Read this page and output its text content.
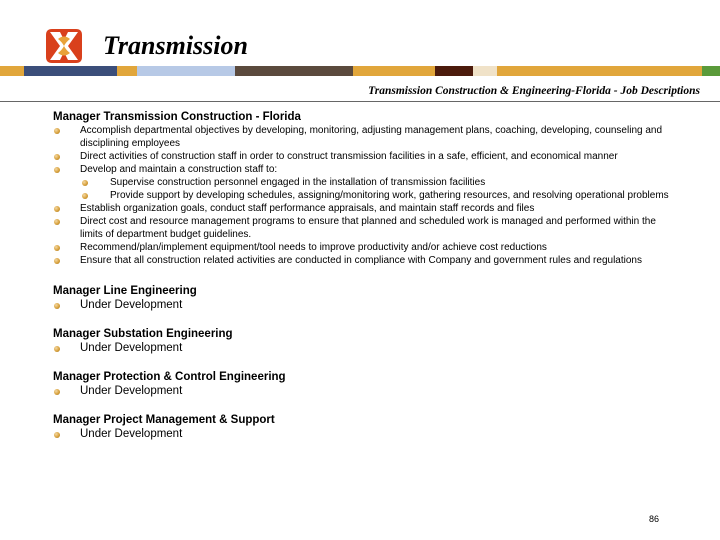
Transmission
Transmission Construction & Engineering-Florida - Job Descriptions

Manager Transmission Construction - Florida

Accomplish departmental objectives by developing, monitoring, adjusting management plans, coaching, developing, counseling and disciplining employees
Direct activities of construction staff in order to construct transmission facilities in a safe, efficient, and economical manner
Develop and maintain a construction staff to:
Supervise construction personnel engaged in the installation of transmission facilities
Provide support by developing schedules, assigning/monitoring work, gathering resources, and resolving operational problems
Establish organization goals, conduct staff performance appraisals, and maintain staff records and files
Direct cost and resource management programs to ensure that planned and scheduled work is managed and performed within the limits of department budget guidelines.
Recommend/plan/implement equipment/tool needs to improve productivity and/or achieve cost reductions
Ensure that all construction related activities are conducted in compliance with Company and government rules and regulations

Manager Line Engineering

Under Development

Manager Substation Engineering

Under Development

Manager Protection & Control Engineering

Under Development

Manager Project Management & Support

Under Development
86
